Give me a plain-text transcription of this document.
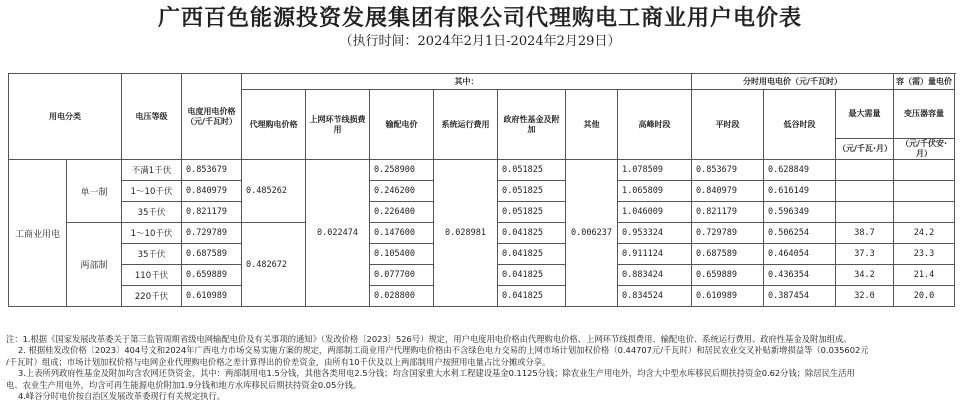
广西百色能源投资发展集团有限公司代理购电工商业用户电价表
（执行时间：2024年2月1日-2024年2月29日）
用电分类		电压等级	电度用电价格（元/千瓦时）	其中：							分时用电电价（元/千瓦时）			容（需）量电价
				代理购电价格	上网环节线损费用	输配电价	系统运行费用	政府性基金及附加	其他	高峰时段	平时段	低谷时段	最大需量	变压器容量
													（元/千瓦·月）	（元/千伏安·月）
工商业用电	单一制	不满1千伏	0.853679	0.485262	0.022474	0.258900	0.028981	0.051825	0.006237	1.078509	0.853679	0.628849		
		1～10千伏	0.840979			0.246200		0.051825		1.065809	0.840979	0.616149		
		35千伏	0.821179			0.226400		0.051825		1.046009	0.821179	0.596349		
	两部制	1～10千伏	0.729789	0.482672		0.147600		0.041825		0.953324	0.729789	0.506254	38.7	24.2
		35千伏	0.687589			0.105400		0.041825		0.911124	0.687589	0.464054	37.3	23.3
		110千伏	0.659889			0.077700		0.041825		0.883424	0.659889	0.436354	34.2	21.4
		220千伏	0.610989			0.028800		0.041825		0.834524	0.610989	0.387454	32.0	20.0

注：1.根据《国家发展改革委关于第三监管周期省级电网输配电价及有关事项的通知》（发改价格〔2023〕526号）规定，用户电度用电价格由代理购电价格、上网环节线损费用、输配电价、系统运行费用、政府性基金及附加组成。

2. 根据桂发改价格〔2023〕404号文和2024年广西电力市场交易实施方案的规定，两部制工商业用户代理购电价格由不含绿色电力交易的上网市场计划加权价格（0.44707元/千瓦时）和居民农业交叉补贴新增损益等（0.035602元

/千瓦时）组成；市场计划加权价格与电网企业代理购电价格之差计算得出的价差资金，由所有10千伏及以上两部制用户按照用电量占比分摊或分享。

3.上表所列政府性基金及附加均含农网还贷资金，其中：两部制用电1.5分钱，其他各类用电2.5分钱；均含国家重大水利工程建设基金0.1125分钱；除农业生产用电外，均含大中型水库移民后期扶持资金0.62分钱；除居民生活用

电、农业生产用电外，均含可再生能源电价附加1.9分钱和地方水库移民后期扶持资金0.05分钱。

4.峰谷分时电价按自治区发展改革委现行有关规定执行。
